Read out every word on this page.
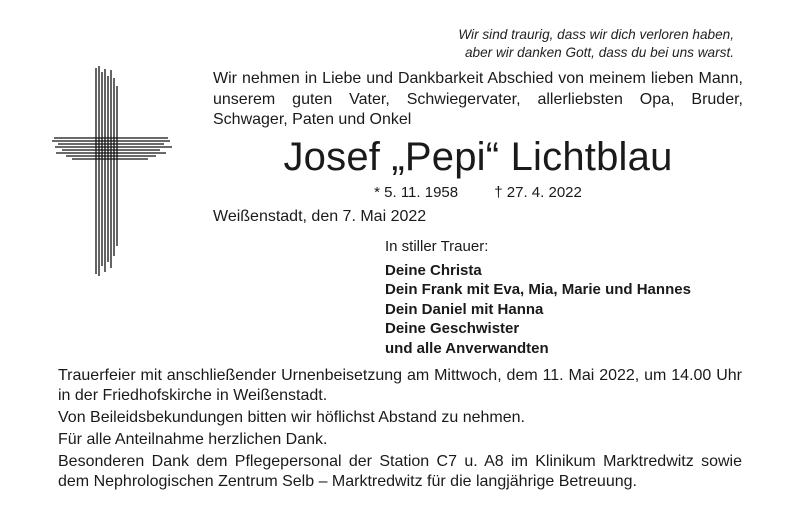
Wir sind traurig, dass wir dich verloren haben,
aber wir danken Gott, dass du bei uns warst.
Wir nehmen in Liebe und Dankbarkeit Abschied von meinem lieben Mann, unserem guten Vater, Schwiegervater, allerliebsten Opa, Bruder, Schwager, Paten und Onkel
Josef „Pepi“ Lichtblau
* 5. 11. 1958 † 27. 4. 2022
Weißenstadt, den 7. Mai 2022
In stiller Trauer:
Deine Christa
Dein Frank mit Eva, Mia, Marie und Hannes
Dein Daniel mit Hanna
Deine Geschwister
und alle Anverwandten

Trauerfeier mit anschließender Urnenbeisetzung am Mittwoch, dem 11. Mai 2022, um 14.00 Uhr in der Friedhofskirche in Weißenstadt.

Von Beileidsbekundungen bitten wir höflichst Abstand zu nehmen.

Für alle Anteilnahme herzlichen Dank.

Besonderen Dank dem Pflegepersonal der Station C7 u. A8 im Klinikum Marktredwitz sowie dem Nephrologischen Zentrum Selb – Marktredwitz für die langjährige Betreuung.
